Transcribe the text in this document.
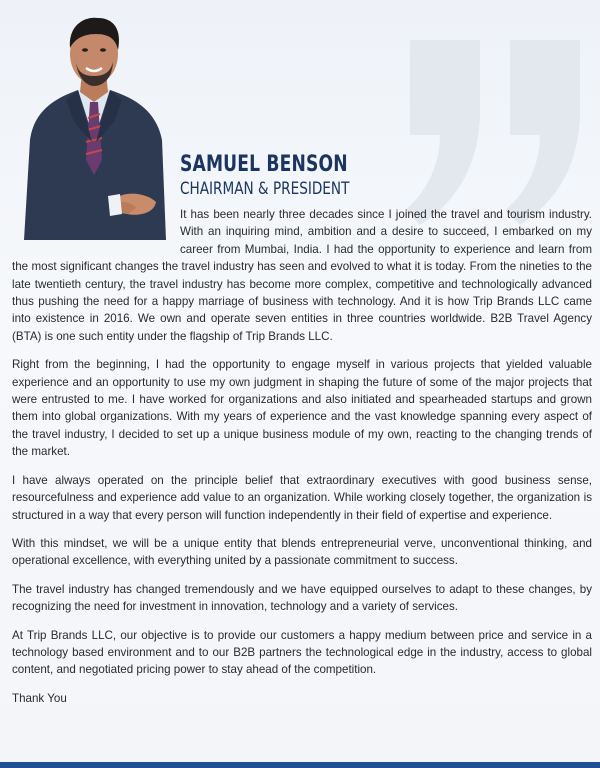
SAMUEL BENSON
CHAIRMAN & PRESIDENT

It has been nearly three decades since I joined the travel and tourism industry. With an inquiring mind, ambition and a desire to succeed, I embarked on my career from Mumbai, India. I had the opportunity to experience and learn from the most significant changes the travel industry has seen and evolved to what it is today. From the nineties to the late twentieth century, the travel industry has become more complex, competitive and technologically advanced thus pushing the need for a happy marriage of business with technology. And it is how Trip Brands LLC came into existence in 2016. We own and operate seven entities in three countries worldwide. B2B Travel Agency (BTA) is one such entity under the flagship of Trip Brands LLC.

Right from the beginning, I had the opportunity to engage myself in various projects that yielded valuable experience and an opportunity to use my own judgment in shaping the future of some of the major projects that were entrusted to me. I have worked for organizations and also initiated and spearheaded startups and grown them into global organizations. With my years of experience and the vast knowledge spanning every aspect of the travel industry, I decided to set up a unique business module of my own, reacting to the changing trends of the market.

I have always operated on the principle belief that extraordinary executives with good business sense, resourcefulness and experience add value to an organization. While working closely together, the organization is structured in a way that every person will function independently in their field of expertise and experience.

With this mindset, we will be a unique entity that blends entrepreneurial verve, unconventional thinking, and operational excellence, with everything united by a passionate commitment to success.

The travel industry has changed tremendously and we have equipped ourselves to adapt to these changes, by recognizing the need for investment in innovation, technology and a variety of services.

At Trip Brands LLC, our objective is to provide our customers a happy medium between price and service in a technology based environment and to our B2B partners the technological edge in the industry, access to global content, and negotiated pricing power to stay ahead of the competition.

Thank You
